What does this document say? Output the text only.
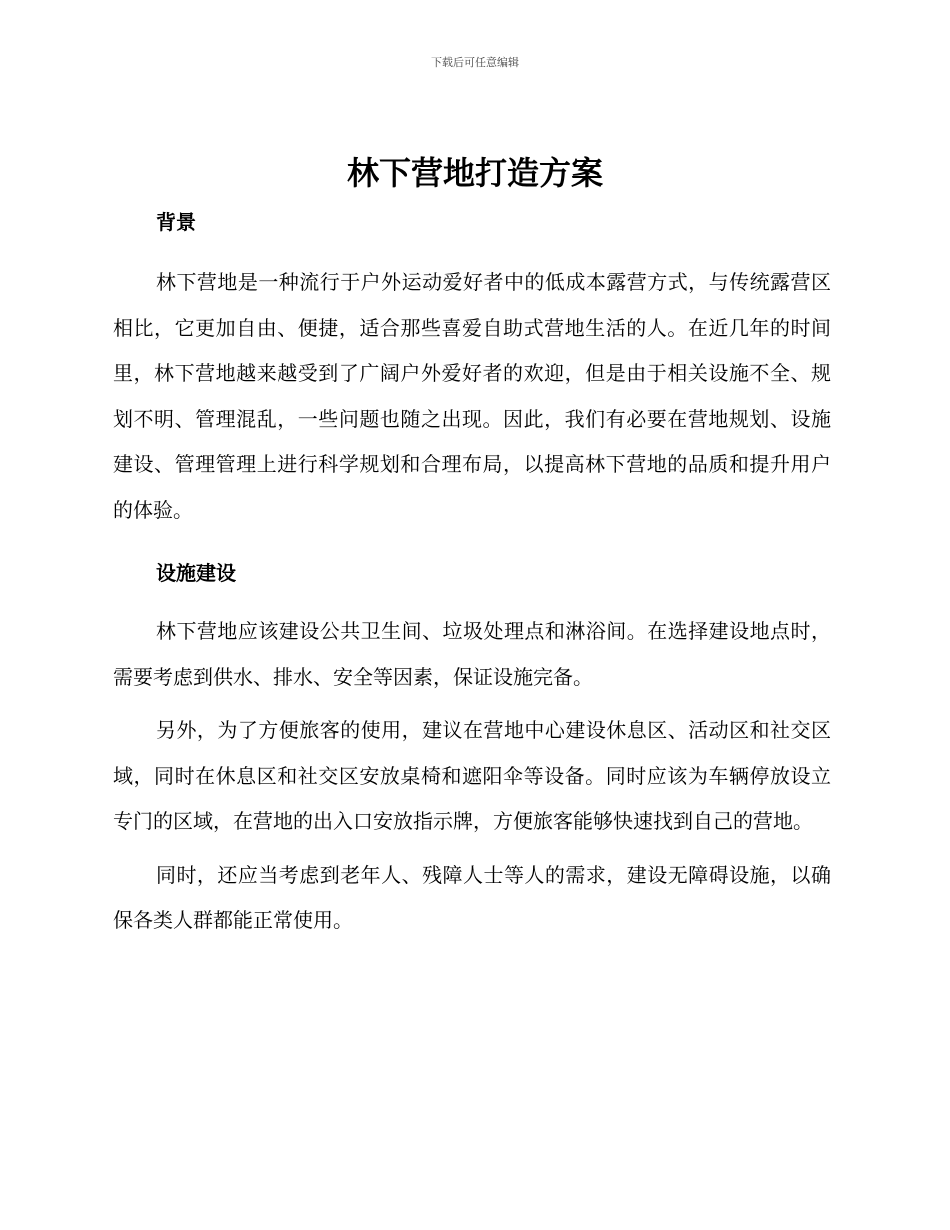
下载后可任意编辑
林下营地打造方案
背景

林下营地是一种流行于户外运动爱好者中的低成本露营方式，与传统露营区相比，它更加自由、便捷，适合那些喜爱自助式营地生活的人。在近几年的时间里，林下营地越来越受到了广阔户外爱好者的欢迎，但是由于相关设施不全、规划不明、管理混乱，一些问题也随之出现。因此，我们有必要在营地规划、设施建设、管理管理上进行科学规划和合理布局，以提高林下营地的品质和提升用户的体验。

设施建设

林下营地应该建设公共卫生间、垃圾处理点和淋浴间。在选择建设地点时，需要考虑到供水、排水、安全等因素，保证设施完备。

另外，为了方便旅客的使用，建议在营地中心建设休息区、活动区和社交区域，同时在休息区和社交区安放桌椅和遮阳伞等设备。同时应该为车辆停放设立专门的区域，在营地的出入口安放指示牌，方便旅客能够快速找到自己的营地。

同时，还应当考虑到老年人、残障人士等人的需求，建设无障碍设施，以确保各类人群都能正常使用。
